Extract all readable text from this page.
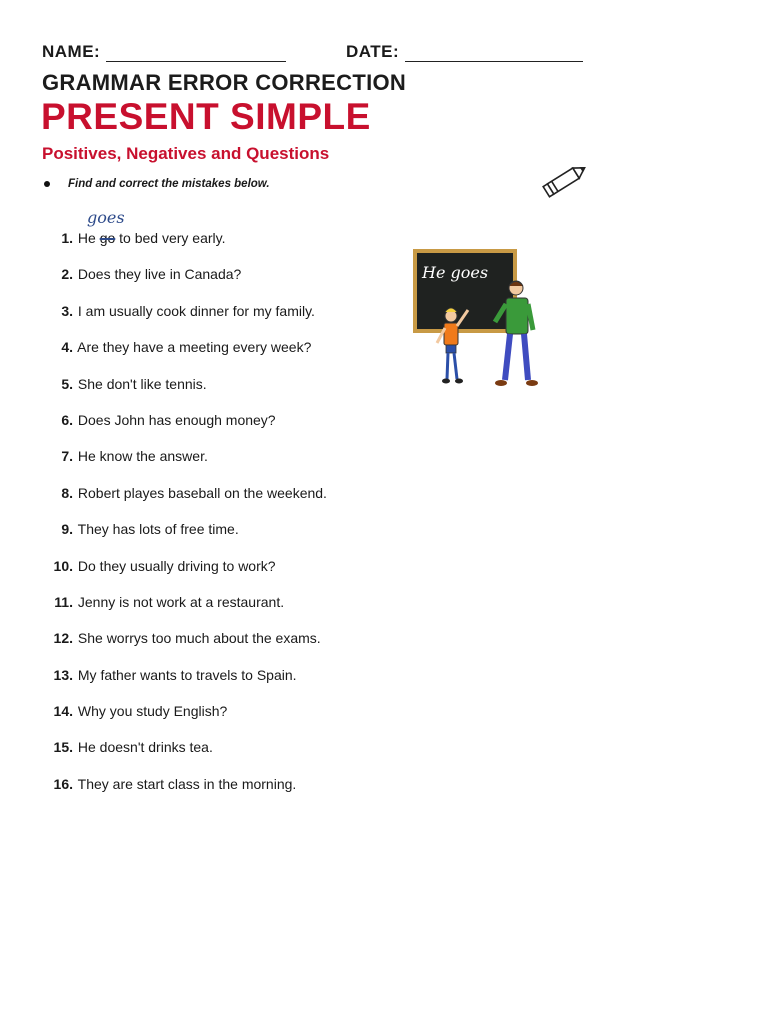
NAME:	DATE:
GRAMMAR ERROR CORRECTION
PRESENT SIMPLE
Positives, Negatives and Questions
Find and correct the mistakes below.
goes
1. He go to bed very early.
2. Does they live in Canada?
3. I am usually cook dinner for my family.
4. Are they have a meeting every week?
5. She don't like tennis.
6. Does John has enough money?
7. He know the answer.
8. Robert playes baseball on the weekend.
9. They has lots of free time.
10. Do they usually driving to work?
11. Jenny is not work at a restaurant.
12. She worrys too much about the exams.
13. My father wants to travels to Spain.
14. Why you study English?
15. He doesn't drinks tea.
16. They are start class in the morning.
He goes
